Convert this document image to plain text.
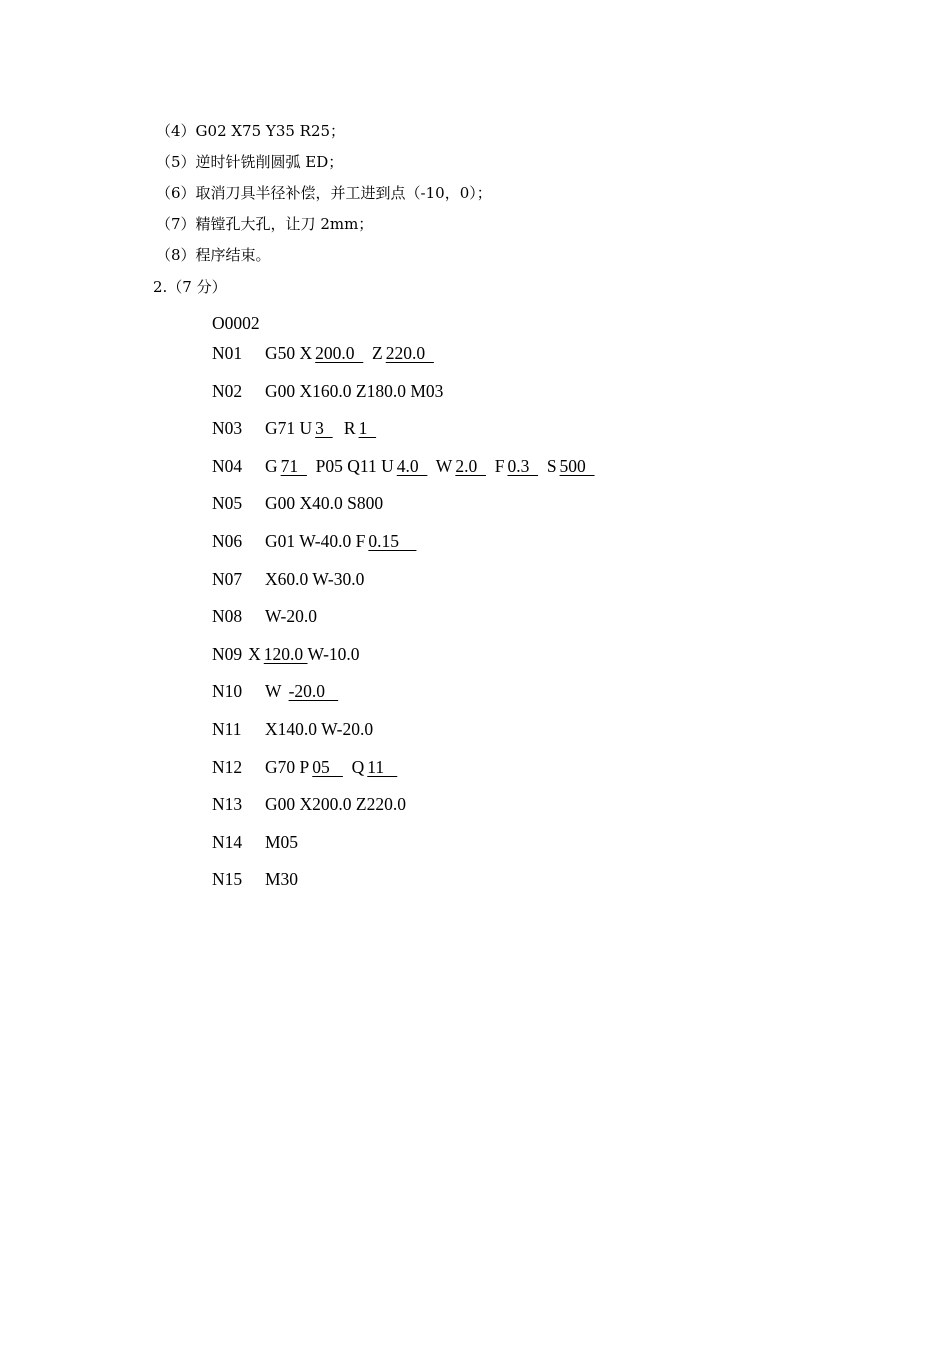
（4）G02 X75 Y35 R25；
（5）逆时针铣削圆弧 ED；
（6）取消刀具半径补偿，并工进到点（-10，0）；
（7）精镗孔大孔，让刀 2mm；
（8）程序结束。
2.（7 分）
O0002
N01 G50 X 200.0    Z 220.0
N02 G00 X160.0 Z180.0 M03
N03 G71 U 3    R 1
N04 G 71    P05 Q11 U 4.0    W 2.0    F 0.3    S 500
N05 G00 X40.0 S800
N06 G01 W-40.0 F 0.15
N07 X60.0 W-30.0
N08 W-20.0
N09 X 120.0 W-10.0
N10 W -20.0
N11 X140.0 W-20.0
N12 G70 P 05     Q 11
N13 G00 X200.0 Z220.0
N14 M05
N15 M30
